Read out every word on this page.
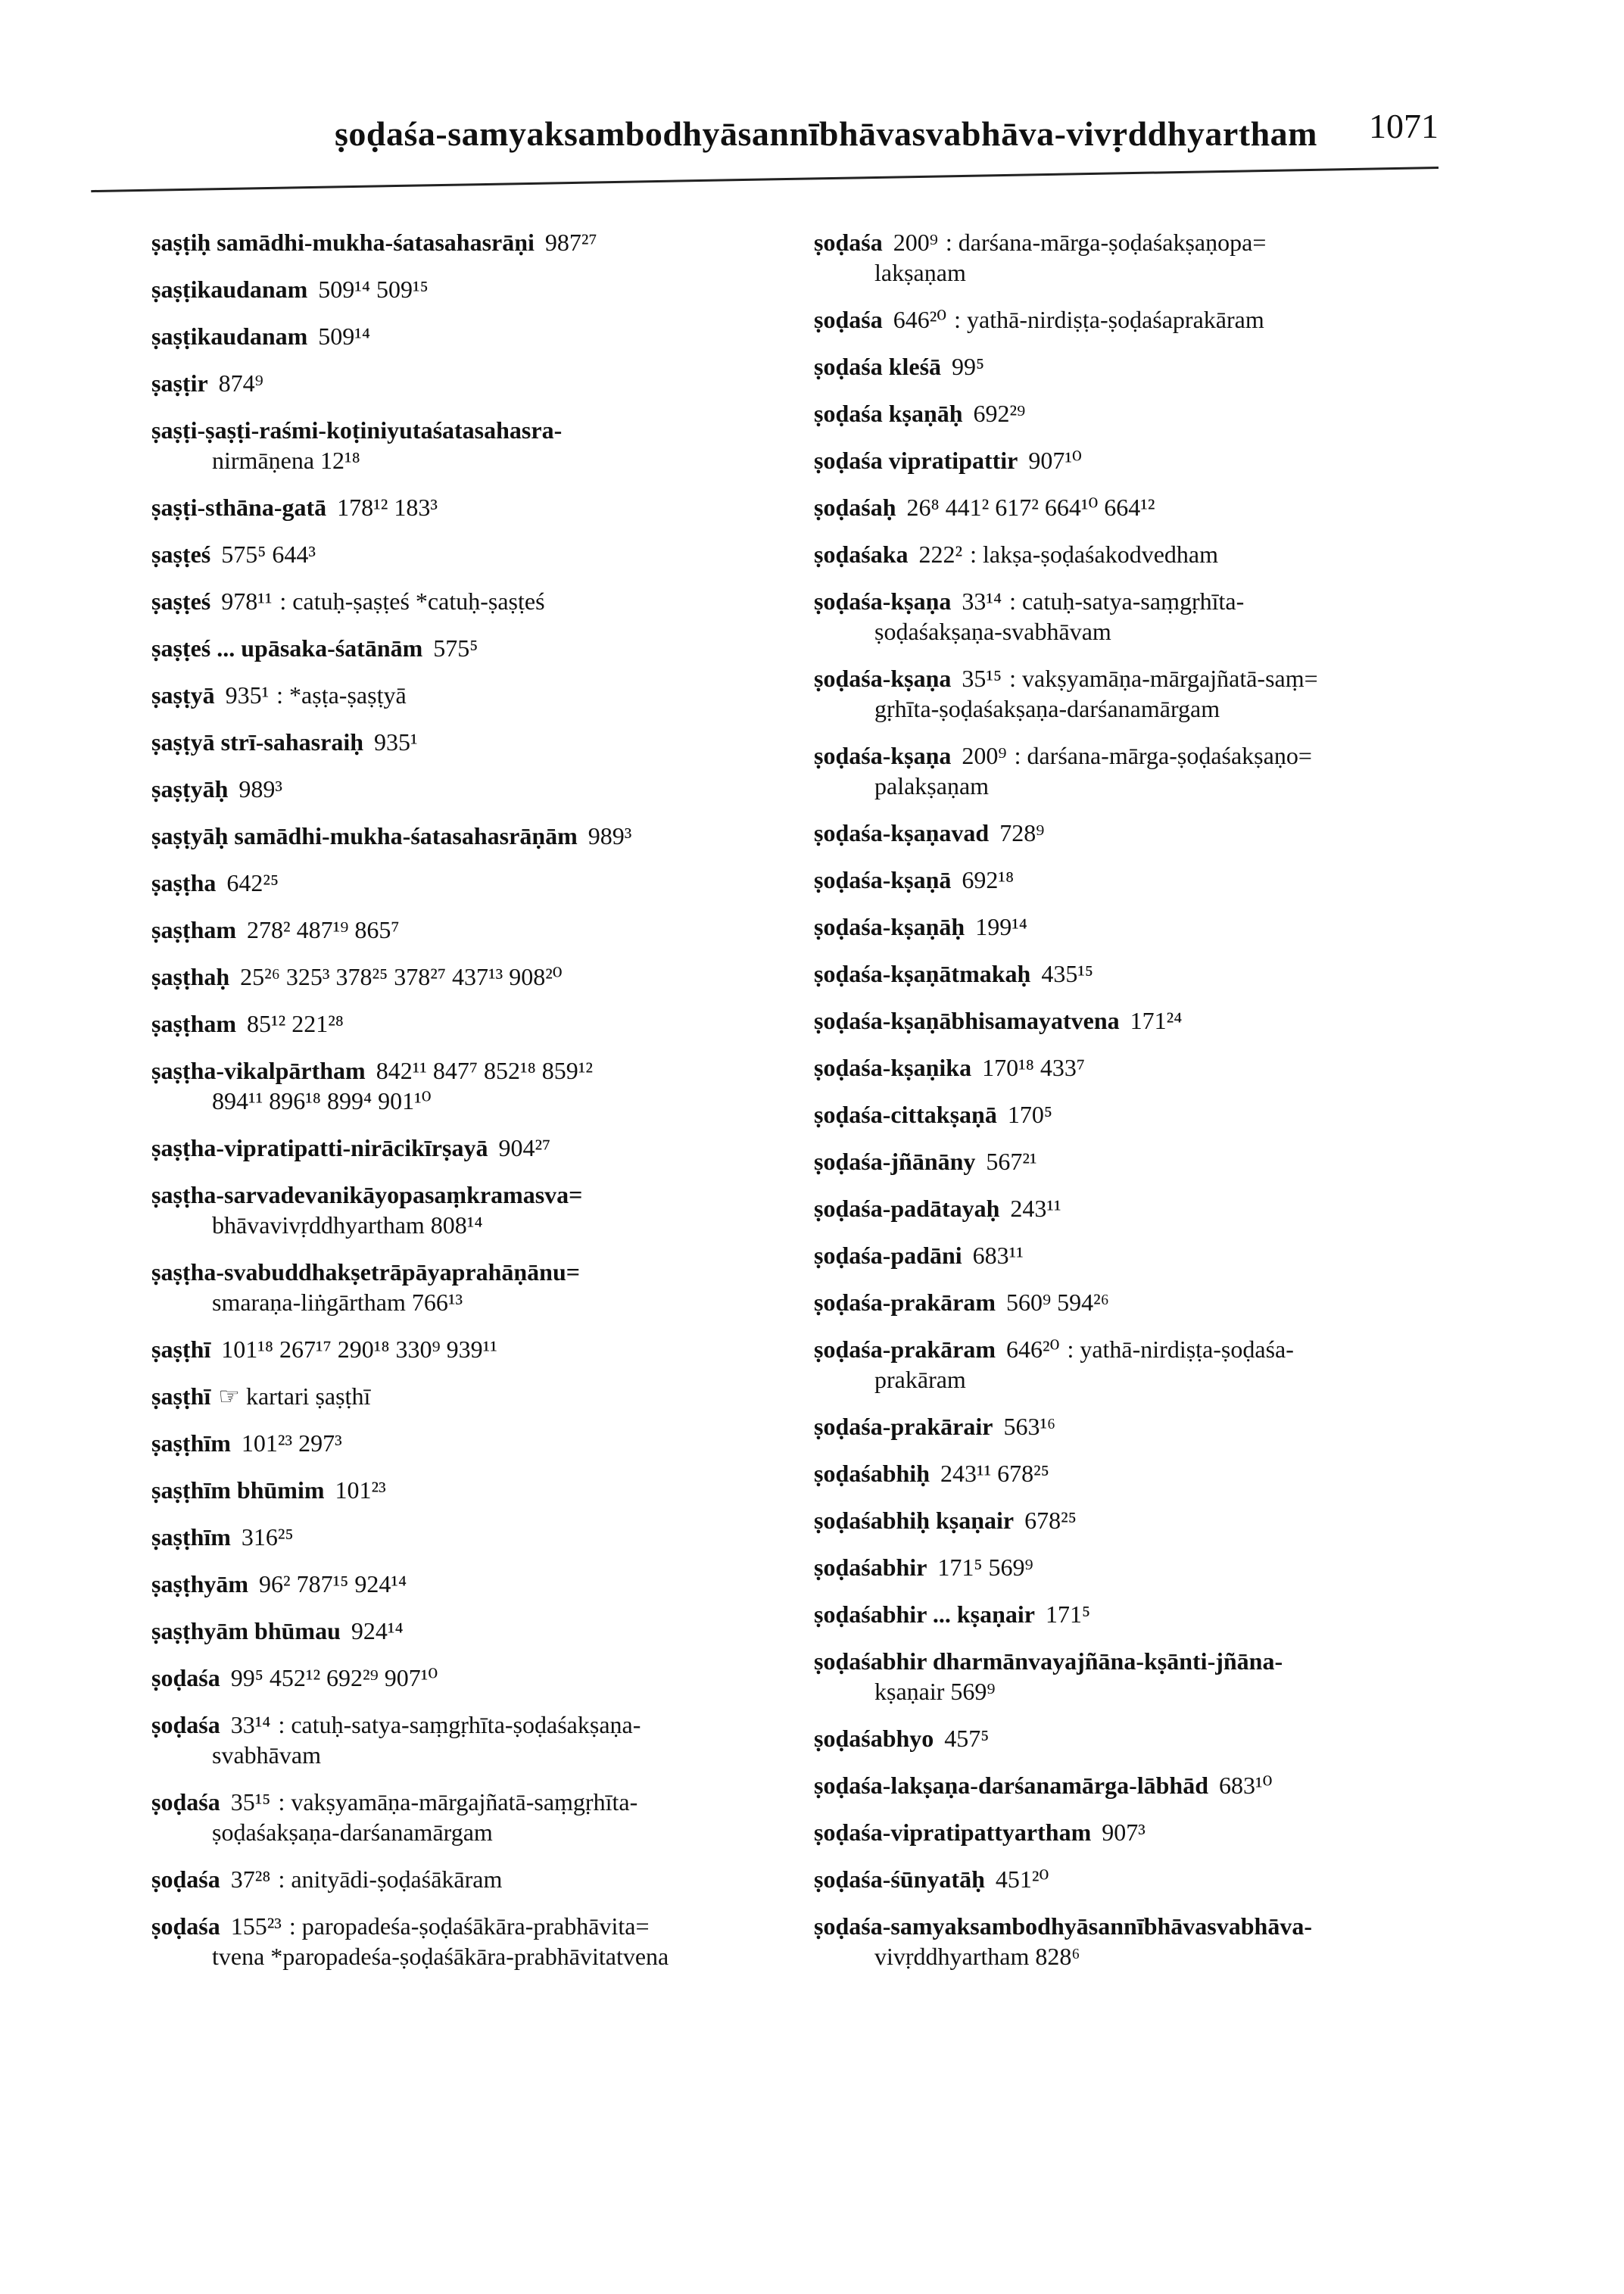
ṣoḍaśa-samyaksambodhyāsannībhāvasvabhāva-vivṛddhyartham 1071
ṣaṣṭiḥ samādhi-mukha-śatasahasrāṇi 987²⁷
ṣaṣṭikaudanam 509¹⁴ 509¹⁵
ṣaṣṭikaudanam 509¹⁴
ṣaṣṭir 874⁹
ṣaṣṭi-ṣaṣṭi-raśmi-koṭiniyutaśatasahasra-
nirmāṇena 12¹⁸
ṣaṣṭi-sthāna-gatā 178¹² 183³
ṣaṣṭeś 575⁵ 644³
ṣaṣṭeś 978¹¹ : catuḥ-ṣaṣṭeś *catuḥ-ṣaṣṭeś
ṣaṣṭeś ... upāsaka-śatānām 575⁵
ṣaṣṭyā 935¹ : *aṣṭa-ṣaṣṭyā
ṣaṣṭyā strī-sahasraiḥ 935¹
ṣaṣṭyāḥ 989³
ṣaṣṭyāḥ samādhi-mukha-śatasahasrāṇām 989³
ṣaṣṭha 642²⁵
ṣaṣṭham 278² 487¹⁹ 865⁷
ṣaṣṭhaḥ 25²⁶ 325³ 378²⁵ 378²⁷ 437¹³ 908²⁰
ṣaṣṭham 85¹² 221²⁸
ṣaṣṭha-vikalpārtham 842¹¹ 847⁷ 852¹⁸ 859¹²
894¹¹ 896¹⁸ 899⁴ 901¹⁰
ṣaṣṭha-vipratipatti-nirācikīrṣayā 904²⁷
ṣaṣṭha-sarvadevanikāyopasaṃkramasva=
bhāvavivṛddhyartham 808¹⁴
ṣaṣṭha-svabuddhakṣetrāpāyaprahāṇānu=
smaraṇa-liṅgārtham 766¹³
ṣaṣṭhī 101¹⁸ 267¹⁷ 290¹⁸ 330⁹ 939¹¹
ṣaṣṭhī ☞ kartari ṣaṣṭhī
ṣaṣṭhīm 101²³ 297³
ṣaṣṭhīm bhūmim 101²³
ṣaṣṭhīm 316²⁵
ṣaṣṭhyām 96² 787¹⁵ 924¹⁴
ṣaṣṭhyām bhūmau 924¹⁴
ṣoḍaśa 99⁵ 452¹² 692²⁹ 907¹⁰
ṣoḍaśa 33¹⁴ : catuḥ-satya-saṃgṛhīta-ṣoḍaśakṣaṇa-
svabhāvam
ṣoḍaśa 35¹⁵ : vakṣyamāṇa-mārgajñatā-saṃgṛhīta-
ṣoḍaśakṣaṇa-darśanamārgam
ṣoḍaśa 37²⁸ : anityādi-ṣoḍaśākāram
ṣoḍaśa 155²³ : paropadeśa-ṣoḍaśākāra-prabhāvita=
tvena *paropadeśa-ṣoḍaśākāra-prabhāvitatvena
ṣoḍaśa 200⁹ : darśana-mārga-ṣoḍaśakṣaṇopa=
lakṣaṇam
ṣoḍaśa 646²⁰ : yathā-nirdiṣṭa-ṣoḍaśaprakāram
ṣoḍaśa kleśā 99⁵
ṣoḍaśa kṣaṇāḥ 692²⁹
ṣoḍaśa vipratipattir 907¹⁰
ṣoḍaśaḥ 26⁸ 441² 617² 664¹⁰ 664¹²
ṣoḍaśaka 222² : lakṣa-ṣoḍaśakodvedham
ṣoḍaśa-kṣaṇa 33¹⁴ : catuḥ-satya-saṃgṛhīta-
ṣoḍaśakṣaṇa-svabhāvam
ṣoḍaśa-kṣaṇa 35¹⁵ : vakṣyamāṇa-mārgajñatā-saṃ=
gṛhīta-ṣoḍaśakṣaṇa-darśanamārgam
ṣoḍaśa-kṣaṇa 200⁹ : darśana-mārga-ṣoḍaśakṣaṇo=
palakṣaṇam
ṣoḍaśa-kṣaṇavad 728⁹
ṣoḍaśa-kṣaṇā 692¹⁸
ṣoḍaśa-kṣaṇāḥ 199¹⁴
ṣoḍaśa-kṣaṇātmakaḥ 435¹⁵
ṣoḍaśa-kṣaṇābhisamayatvena 171²⁴
ṣoḍaśa-kṣaṇika 170¹⁸ 433⁷
ṣoḍaśa-cittakṣaṇā 170⁵
ṣoḍaśa-jñānāny 567²¹
ṣoḍaśa-padātayaḥ 243¹¹
ṣoḍaśa-padāni 683¹¹
ṣoḍaśa-prakāram 560⁹ 594²⁶
ṣoḍaśa-prakāram 646²⁰ : yathā-nirdiṣṭa-ṣoḍaśa-
prakāram
ṣoḍaśa-prakārair 563¹⁶
ṣoḍaśabhiḥ 243¹¹ 678²⁵
ṣoḍaśabhiḥ kṣaṇair 678²⁵
ṣoḍaśabhir 171⁵ 569⁹
ṣoḍaśabhir ... kṣaṇair 171⁵
ṣoḍaśabhir dharmānvayajñāna-kṣānti-jñāna-
kṣaṇair 569⁹
ṣoḍaśabhyo 457⁵
ṣoḍaśa-lakṣaṇa-darśanamārga-lābhād 683¹⁰
ṣoḍaśa-vipratipattyartham 907³
ṣoḍaśa-śūnyatāḥ 451²⁰
ṣoḍaśa-samyaksambodhyāsannībhāvasvabhāva-
vivṛddhyartham 828⁶
